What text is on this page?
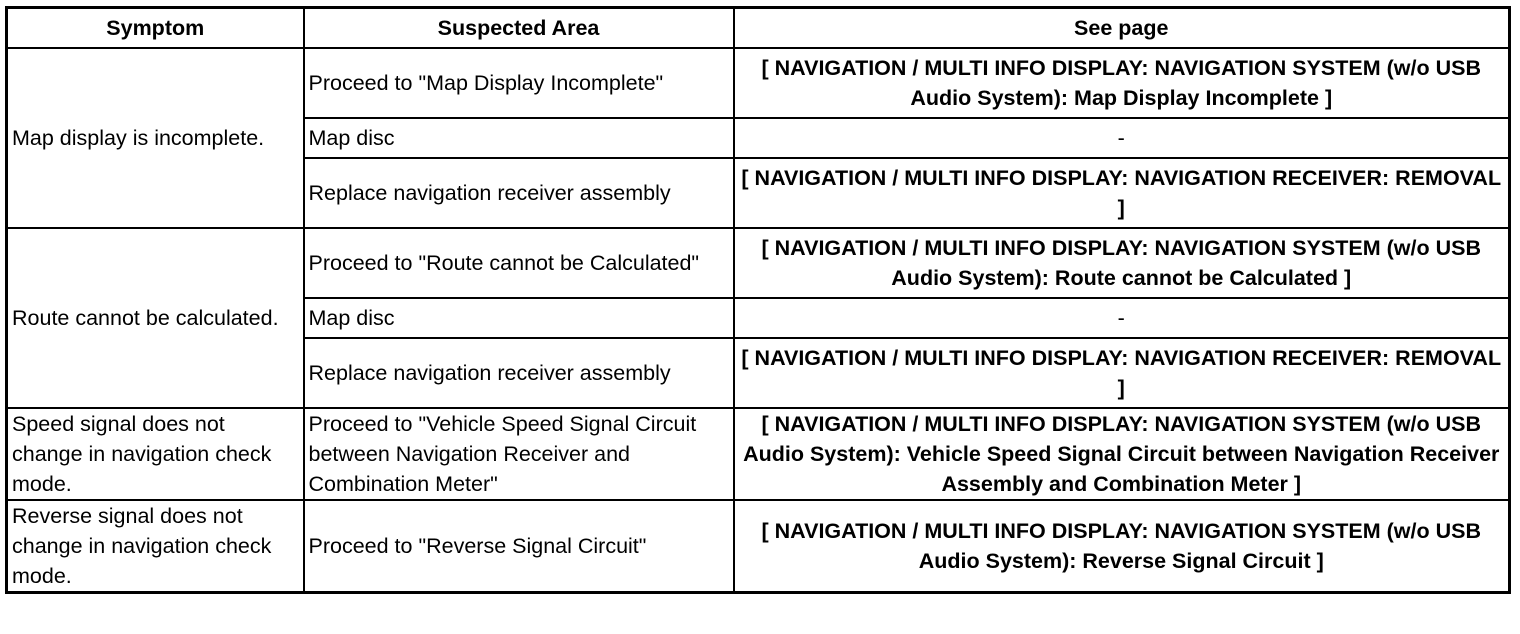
Symptom	Suspected Area	See page
Map display is incomplete.	Proceed to "Map Display Incomplete"	[ NAVIGATION / MULTI INFO DISPLAY: NAVIGATION SYSTEM (w/o USB Audio System): Map Display Incomplete ]
	Map disc	-
	Replace navigation receiver assembly	[ NAVIGATION / MULTI INFO DISPLAY: NAVIGATION RECEIVER: REMOVAL ]
Route cannot be calculated.	Proceed to "Route cannot be Calculated"	[ NAVIGATION / MULTI INFO DISPLAY: NAVIGATION SYSTEM (w/o USB Audio System): Route cannot be Calculated ]
	Map disc	-
	Replace navigation receiver assembly	[ NAVIGATION / MULTI INFO DISPLAY: NAVIGATION RECEIVER: REMOVAL ]
Speed signal does not change in navigation check mode.	Proceed to "Vehicle Speed Signal Circuit between Navigation Receiver and Combination Meter"	[ NAVIGATION / MULTI INFO DISPLAY: NAVIGATION SYSTEM (w/o USB Audio System): Vehicle Speed Signal Circuit between Navigation Receiver Assembly and Combination Meter ]
Reverse signal does not change in navigation check mode.	Proceed to "Reverse Signal Circuit"	[ NAVIGATION / MULTI INFO DISPLAY: NAVIGATION SYSTEM (w/o USB Audio System): Reverse Signal Circuit ]
